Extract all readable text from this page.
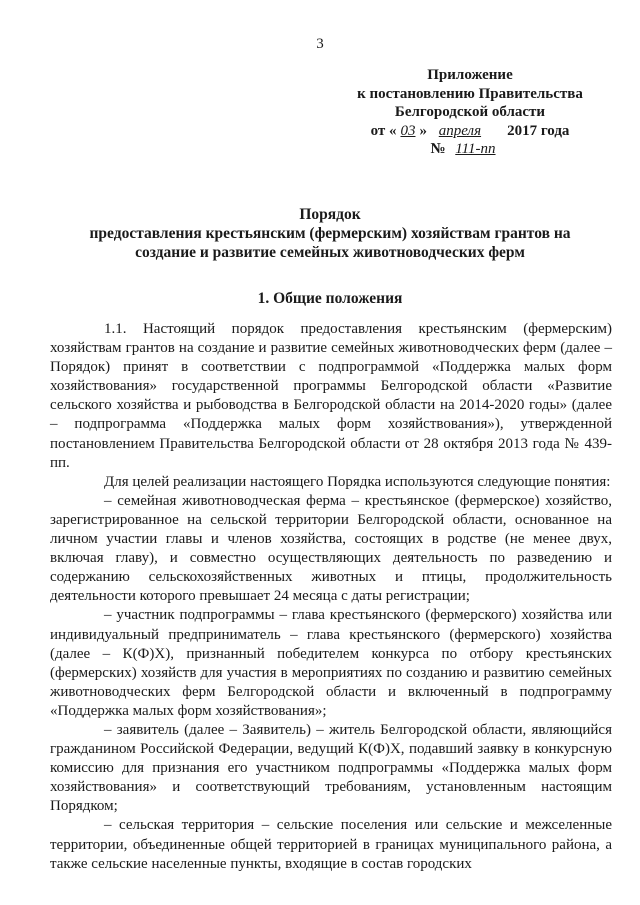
3
Приложение
к постановлению Правительства
Белгородской области
от « 03 » апреля 2017 года
№ 111-пп
Порядок
предоставления крестьянским (фермерским) хозяйствам грантов на
создание и развитие семейных животноводческих ферм
1. Общие положения

1.1. Настоящий порядок предоставления крестьянским (фермерским) хозяйствам грантов на создание и развитие семейных животноводческих ферм (далее – Порядок) принят в соответствии с подпрограммой «Поддержка малых форм хозяйствования» государственной программы Белгородской области «Развитие сельского хозяйства и рыбоводства в Белгородской области на 2014-2020 годы» (далее – подпрограмма «Поддержка малых форм хозяйствования»), утвержденной постановлением Правительства Белгородской области от 28 октября 2013 года № 439-пп.

Для целей реализации настоящего Порядка используются следующие понятия:

– семейная животноводческая ферма – крестьянское (фермерское) хозяйство, зарегистрированное на сельской территории Белгородской области, основанное на личном участии главы и членов хозяйства, состоящих в родстве (не менее двух, включая главу), и совместно осуществляющих деятельность по разведению и содержанию сельскохозяйственных животных и птицы, продолжительность деятельности которого превышает 24 месяца с даты регистрации;

– участник подпрограммы – глава крестьянского (фермерского) хозяйства или индивидуальный предприниматель – глава крестьянского (фермерского) хозяйства (далее – К(Ф)Х), признанный победителем конкурса по отбору крестьянских (фермерских) хозяйств для участия в мероприятиях по созданию и развитию семейных животноводческих ферм Белгородской области и включенный в подпрограмму «Поддержка малых форм хозяйствования»;

– заявитель (далее – Заявитель) – житель Белгородской области, являющийся гражданином Российской Федерации, ведущий К(Ф)Х, подавший заявку в конкурсную комиссию для признания его участником подпрограммы «Поддержка малых форм хозяйствования» и соответствующий требованиям, установленным настоящим Порядком;

– сельская территория – сельские поселения или сельские и межселенные территории, объединенные общей территорией в границах муниципального района, а также сельские населенные пункты, входящие в состав городских
